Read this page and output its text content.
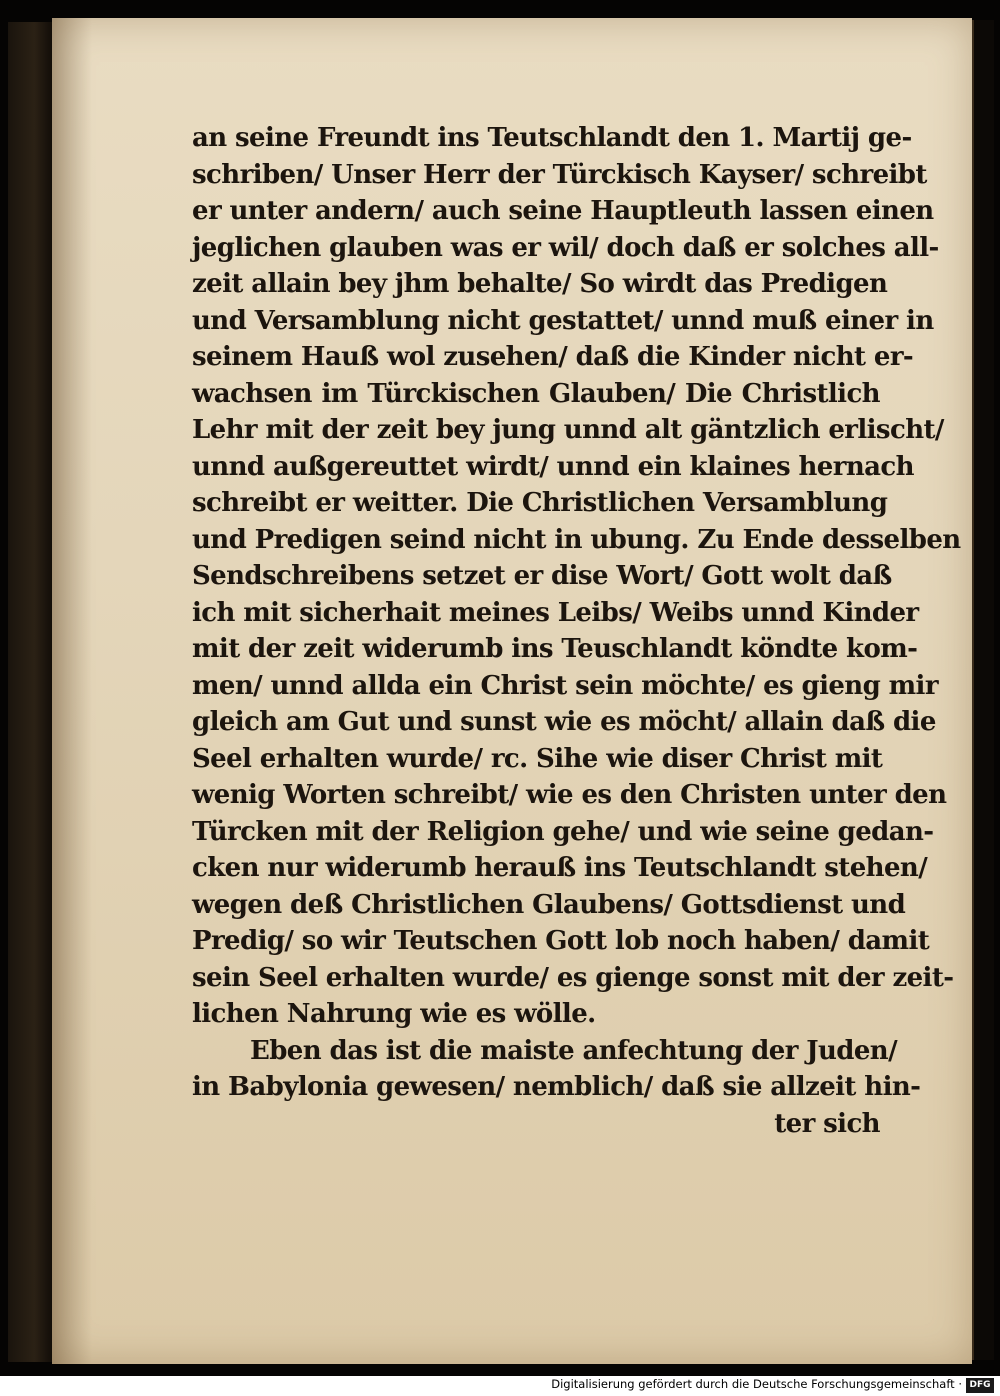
an seine Freundt ins Teutschlandt den 1. Martij ge-
schriben/ Unser Herr der Türckisch Kayser/ schreibt
er unter andern/ auch seine Hauptleuth lassen einen
jeglichen glauben was er wil/ doch daß er solches all-
zeit allain bey jhm behalte/ So wirdt das Predigen
und Versamblung nicht gestattet/ unnd muß einer in
seinem Hauß wol zusehen/ daß die Kinder nicht er-
wachsen im Türckischen Glauben/ Die Christlich
Lehr mit der zeit bey jung unnd alt gäntzlich erlischt/
unnd außgereuttet wirdt/ unnd ein klaines hernach
schreibt er weitter. Die Christlichen Versamblung
und Predigen seind nicht in ubung. Zu Ende desselben
Sendschreibens setzet er dise Wort/ Gott wolt daß
ich mit sicherhait meines Leibs/ Weibs unnd Kinder
mit der zeit widerumb ins Teuschlandt köndte kom-
men/ unnd allda ein Christ sein möchte/ es gieng mir
gleich am Gut und sunst wie es möcht/ allain daß die
Seel erhalten wurde/ rc. Sihe wie diser Christ mit
wenig Worten schreibt/ wie es den Christen unter den
Türcken mit der Religion gehe/ und wie seine gedan-
cken nur widerumb herauß ins Teutschlandt stehen/
wegen deß Christlichen Glaubens/ Gottsdienst und
Predig/ so wir Teutschen Gott lob noch haben/ damit
sein Seel erhalten wurde/ es gienge sonst mit der zeit-
lichen Nahrung wie es wölle.
Eben das ist die maiste anfechtung der Juden/
in Babylonia gewesen/ nemblich/ daß sie allzeit hin-
ter sich
Digitalisierung gefördert durch die Deutsche Forschungsgemeinschaft · DFG
